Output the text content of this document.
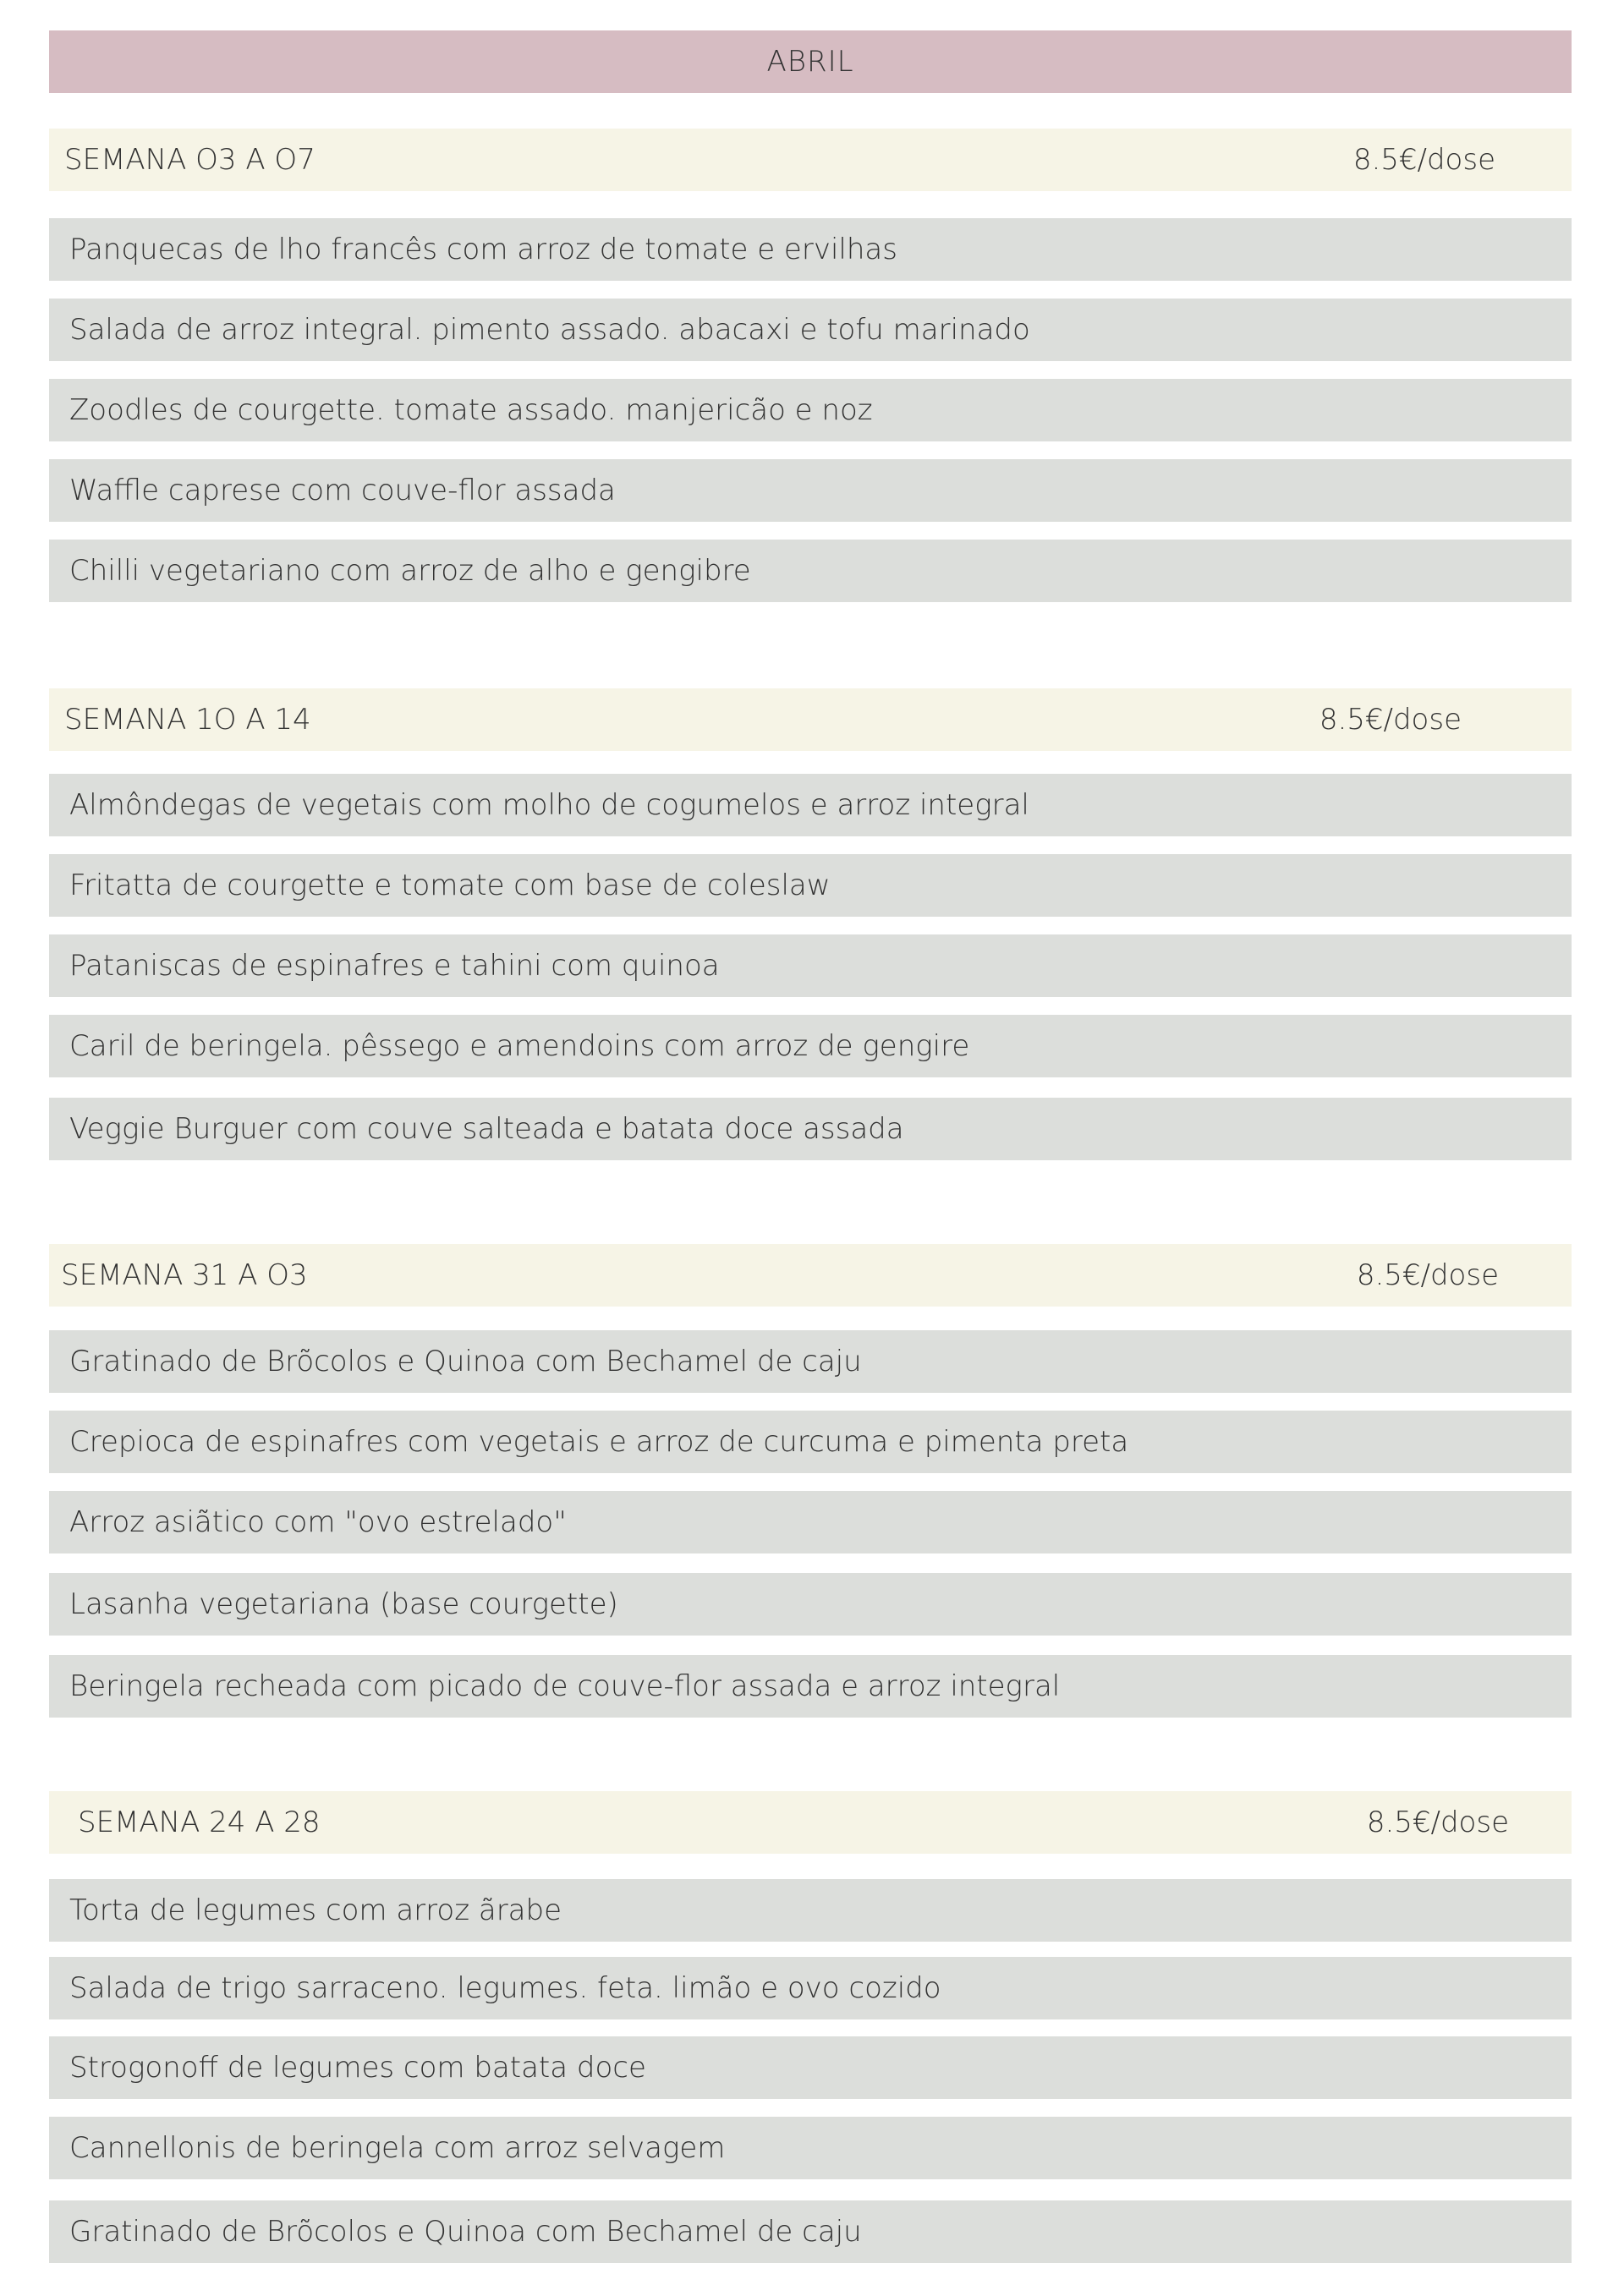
ABRIL
SEMANA O3 A O7	8.5€/dose
Panquecas de lho francês com arroz de tomate e ervilhas
Salada de arroz integral. pimento assado. abacaxi e tofu marinado
Zoodles de courgette. tomate assado. manjericão e noz
Waffle caprese com couve-flor assada
Chilli vegetariano com arroz de alho e gengibre
SEMANA 1O A 14	8.5€/dose
Almôndegas de vegetais com molho de cogumelos e arroz integral
Fritatta de courgette e tomate com base de coleslaw
Pataniscas de espinafres e tahini com quinoa
Caril de beringela. pêssego e amendoins com arroz de gengire
Veggie Burguer com couve salteada e batata doce assada
SEMANA 31 A O3	8.5€/dose
Gratinado de Brõcolos e Quinoa com Bechamel de caju
Crepioca de espinafres com vegetais e arroz de curcuma e pimenta preta
Arroz asiãtico com "ovo estrelado"
Lasanha vegetariana (base courgette)
Beringela recheada com picado de couve-flor assada e arroz integral
SEMANA 24 A 28	8.5€/dose
Torta de legumes com arroz ãrabe
Salada de trigo sarraceno. legumes. feta. limão e ovo cozido
Strogonoff de legumes com batata doce
Cannellonis de beringela com arroz selvagem
Gratinado de Brõcolos e Quinoa com Bechamel de caju
